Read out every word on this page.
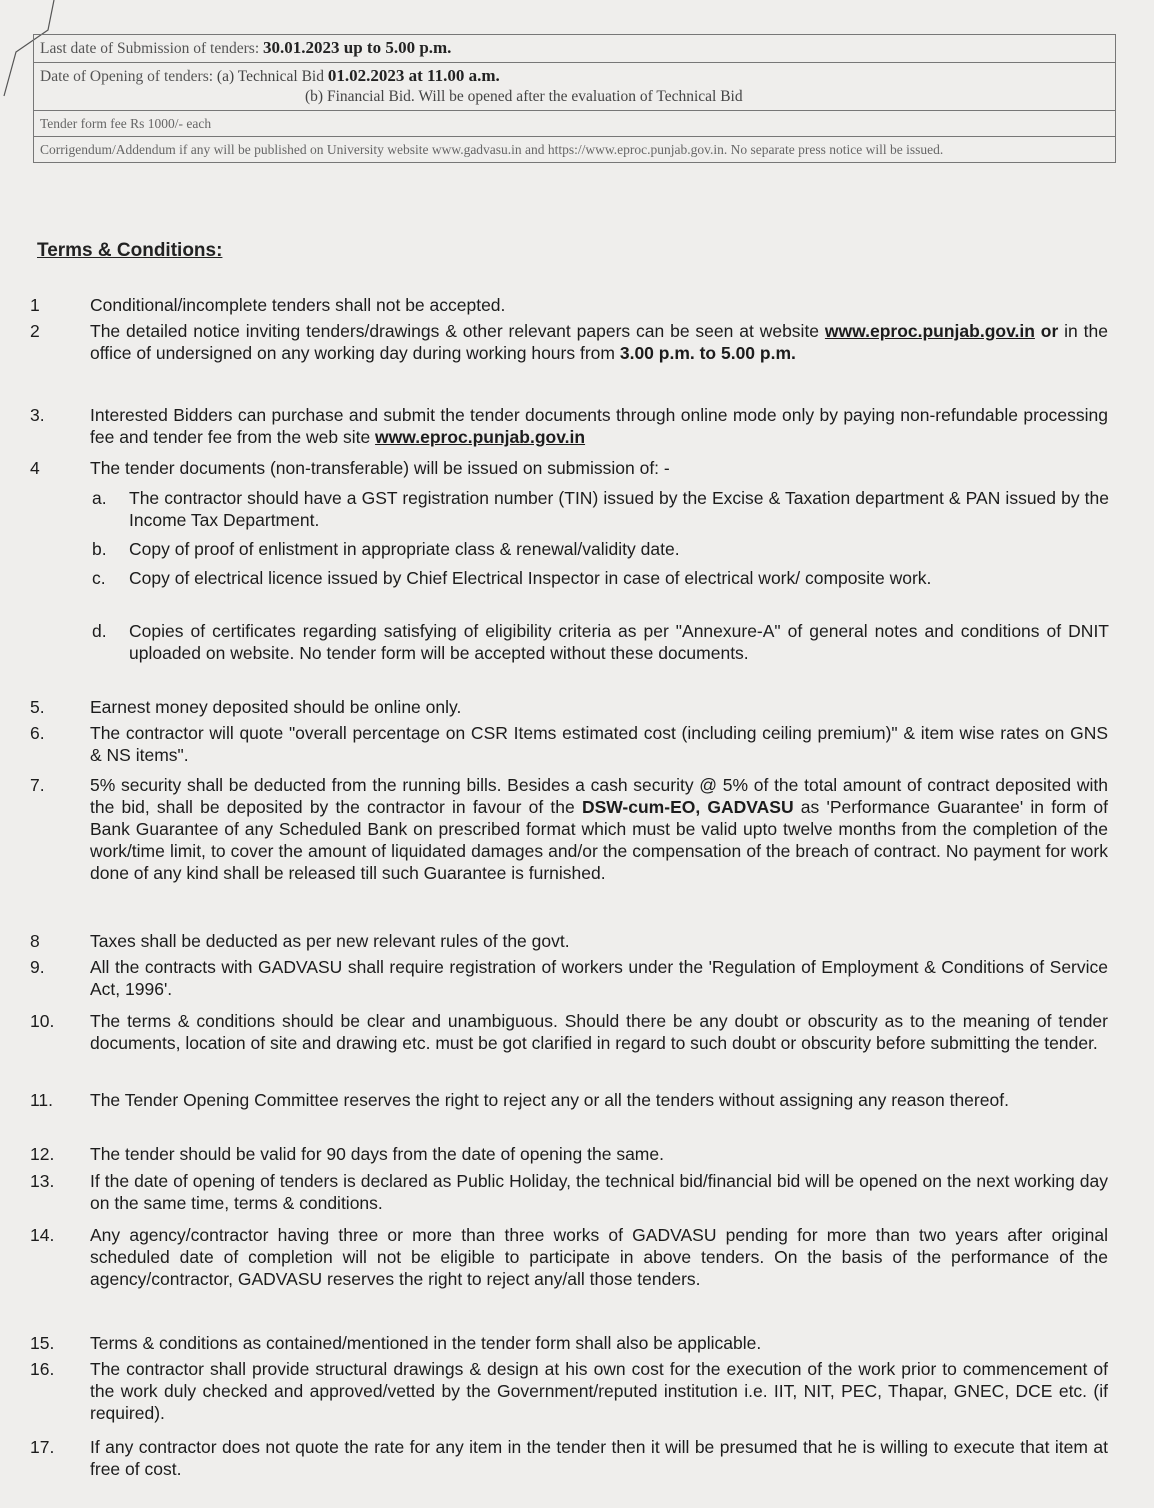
Last date of Submission of tenders: 30.01.2023 up to 5.00 p.m.
Date of Opening of tenders: (a) Technical Bid 01.02.2023 at 11.00 a.m.
(b) Financial Bid. Will be opened after the evaluation of Technical Bid
Tender form fee Rs 1000/- each
Corrigendum/Addendum if any will be published on University website www.gadvasu.in and https://www.eproc.punjab.gov.in. No separate press notice will be issued.
Terms & Conditions:
1	Conditional/incomplete tenders shall not be accepted.
2	The detailed notice inviting tenders/drawings & other relevant papers can be seen at website www.eproc.punjab.gov.in or in the office of undersigned on any working day during working hours from 3.00 p.m. to 5.00 p.m.
3.	Interested Bidders can purchase and submit the tender documents through online mode only by paying non-refundable processing fee and tender fee from the web site www.eproc.punjab.gov.in
4	The tender documents (non-transferable) will be issued on submission of: -
a. The contractor should have a GST registration number (TIN) issued by the Excise & Taxation department & PAN issued by the Income Tax Department.
b. Copy of proof of enlistment in appropriate class & renewal/validity date.
c. Copy of electrical licence issued by Chief Electrical Inspector in case of electrical work/ composite work.
d. Copies of certificates regarding satisfying of eligibility criteria as per "Annexure-A" of general notes and conditions of DNIT uploaded on website. No tender form will be accepted without these documents.
5.	Earnest money deposited should be online only.
6.	The contractor will quote "overall percentage on CSR Items estimated cost (including ceiling premium)" & item wise rates on GNS & NS items".
7.	5% security shall be deducted from the running bills. Besides a cash security @ 5% of the total amount of contract deposited with the bid, shall be deposited by the contractor in favour of the DSW-cum-EO, GADVASU as 'Performance Guarantee' in form of Bank Guarantee of any Scheduled Bank on prescribed format which must be valid upto twelve months from the completion of the work/time limit, to cover the amount of liquidated damages and/or the compensation of the breach of contract. No payment for work done of any kind shall be released till such Guarantee is furnished.
8	Taxes shall be deducted as per new relevant rules of the govt.
9.	All the contracts with GADVASU shall require registration of workers under the 'Regulation of Employment & Conditions of Service Act, 1996'.
10.	The terms & conditions should be clear and unambiguous. Should there be any doubt or obscurity as to the meaning of tender documents, location of site and drawing etc. must be got clarified in regard to such doubt or obscurity before submitting the tender.
11.	The Tender Opening Committee reserves the right to reject any or all the tenders without assigning any reason thereof.
12.	The tender should be valid for 90 days from the date of opening the same.
13.	If the date of opening of tenders is declared as Public Holiday, the technical bid/financial bid will be opened on the next working day on the same time, terms & conditions.
14.	Any agency/contractor having three or more than three works of GADVASU pending for more than two years after original scheduled date of completion will not be eligible to participate in above tenders. On the basis of the performance of the agency/contractor, GADVASU reserves the right to reject any/all those tenders.
15.	Terms & conditions as contained/mentioned in the tender form shall also be applicable.
16.	The contractor shall provide structural drawings & design at his own cost for the execution of the work prior to commencement of the work duly checked and approved/vetted by the Government/reputed institution i.e. IIT, NIT, PEC, Thapar, GNEC, DCE etc. (if required).
17.	If any contractor does not quote the rate for any item in the tender then it will be presumed that he is willing to execute that item at free of cost.
